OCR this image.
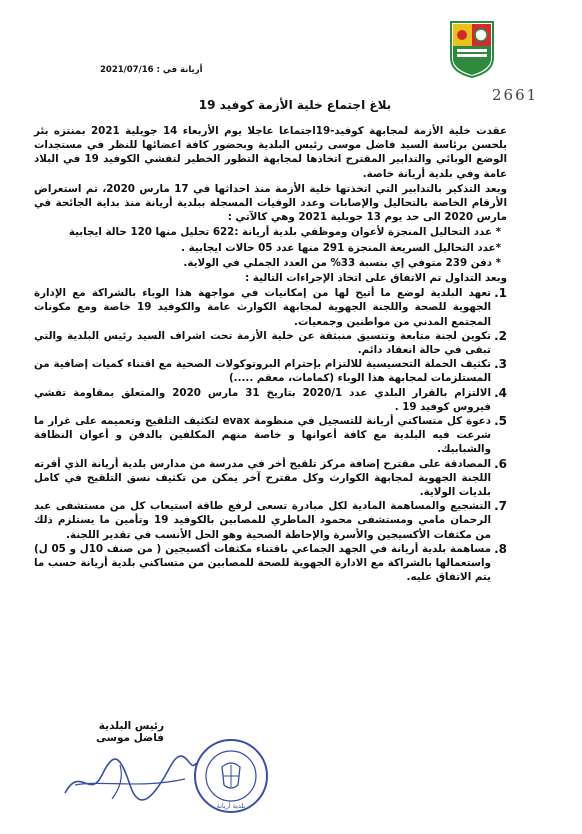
أريانة في : 2021/07/16
2661
بلاغ اجتماع خلية الأزمة كوفيد 19

عقدت خلية الأزمة لمجابهة كوفيد-19اجتماعا عاجلا يوم الأربعاء 14 جويلية 2021 بمنتزه بئر بلحسن برئاسة السيد فاضل موسى رئيس البلدية وبحضور كافة اعضائها للنظر في مستجدات الوضع الوبائي والتدابير المقترح اتخاذها لمجابهة التطور الخطير لتفشي الكوفيد 19 في البلاد عامة وفي بلدية أريانة خاصة.

وبعد التذكير بالتدابير التي اتخذتها خلية الأزمة منذ احداثها في 17 مارس 2020، تم استعراض الأرقام الخاصة بالتحاليل والإصابات وعدد الوفيات المسجلة ببلدية أريانة منذ بداية الجائحة في مارس 2020 الى حد يوم 13 جويلية 2021 وهي كالآتي :

* عدد التحاليل المنجزة لأعوان وموظفي بلدية أريانة :622 تحليل منها 120 حالة ايجابية

*عدد التحاليل السريعة المنجزة 291 منها عدد 05 حالات ايجابية .

* دفن 239 متوفي إي بنسبة 33% من العدد الجملي في الولاية.

وبعد التداول تم الاتفاق على اتخاذ الإجراءات التالية :

1.
تعهد البلدية لوضع ما أتيح لها من إمكانيات في مواجهة هذا الوباء بالشراكة مع الإدارة الجهوية للصحة واللجنة الجهوية لمجابهة الكوارث عامة والكوفيد 19 خاصة ومع مكونات المجتمع المدني من مواطنين وجمعيات.
2.
تكوين لجنة متابعة وتنسيق منبثقة عن خلية الأزمة تحت اشراف السيد رئيس البلدية والتي تبقى في حالة انعقاد دائم.
3.
تكثيف الحملة التحسيسية للالتزام بإحترام البروتوكولات الصحية مع اقتناء كميات إضافية من المستلزمات لمجابهة هذا الوباء (كمامات، معقم .....)
4.
الالتزام بالقرار البلدي عدد 2020/1 بتاريخ 31 مارس 2020 والمتعلق بمقاومة تفشي فيروس كوفيد 19 .
5.
دعوة كل متساكني أريانة للتسجيل في منظومة evax لتكثيف التلقيح وتعميمه على غرار ما شرعت فيه البلدية مع كافة أعوانها و خاصة منهم المكلفين بالدفن و أعوان النظافة والشبابيك.
6.
المصادقة على مقترح إضافة مركز تلقيح أخر في مدرسة من مدارس بلدية أريانة الذي أقرته اللجنة الجهوية لمجابهة الكوارث وكل مقترح آخر يمكن من تكثيف نسق التلقيح في كامل بلديات الولاية.
7.
التشجيع والمساهمة المادية لكل مبادرة تسعى لرفع طاقة استيعاب كل من مستشفى عبد الرحمان مامي ومستشفى محمود الماطري للمصابين بالكوفيد 19 وتأمين ما يستلزم ذلك من مكثفات الأكسيجين والأسرة والإحاطة الصحية وهو الحل الأنسب في تقدير اللجنة.
8.
مساهمة بلدية أريانة في الجهد الجماعي باقتناء مكثفات أكسيجين ( من صنف 10ل و 05 ل) واستعمالها بالشراكة مع الادارة الجهوية للصحة للمصابين من متساكني بلدية أريانة حسب ما يتم الاتفاق عليه.
رئيس البلدية
فاضل موسى
بلدية أريانة
